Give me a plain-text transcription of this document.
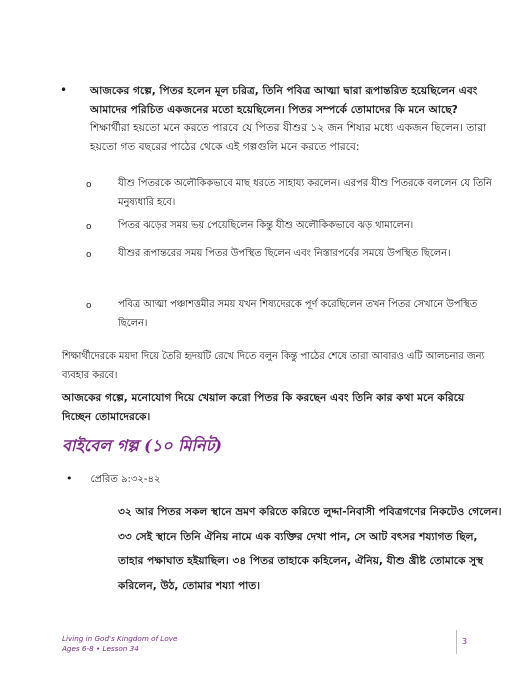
• আজকের গল্পে, পিতর হলেন মূল চরিত্র, তিনি পবিত্র আত্মা দ্বারা রূপান্তরিত হয়েছিলেন এবং আমাদের পরিচিত একজনের মতো হয়েছিলেন। পিতর সম্পর্কে তোমাদের কি মনে আছে? শিক্ষার্থীরা হয়তো মনে করতে পারবে যে পিতর যীশুর ১২ জন শিষ্যর মধ্যে একজন ছিলেন। তারা হয়তো গত বছরের পাঠের থেকে এই গল্পগুলি মনে করতে পারবে:
o	যীশু পিতরকে অলৌকিকভাবে মাছ ধরতে সাহায্য করলেন। এরপর যীশু পিতরকে বললেন যে তিনি মনুষ্যধারি হবে।
o	পিতর ঝড়ের সময় ভয় পেয়েছিলেন কিন্তু যীশু অলৌকিকভাবে ঝড় থামালেন।
o	যীশুর রূপান্তরের সময় পিতর উপস্থিত ছিলেন এবং নিস্তারপর্বের সময়ে উপস্থিত ছিলেন।
o	পবিত্র আত্মা পঞ্চাশত্তমীর সময় যখন শিষ্যদেরকে পূর্ণ করেছিলেন তখন পিতর সেখানে উপস্থিত ছিলেন।
শিক্ষার্থীদেরকে ময়দা দিয়ে তৈরি হৃদয়টি রেখে দিতে বলুন কিন্তু পাঠের শেষে তারা আবারও এটি আলচনার জন্য ব্যবহার করবে।
আজকের গল্পে, মনোযোগ দিয়ে খেয়াল করো পিতর কি করছেন এবং তিনি কার কথা মনে করিয়ে দিচ্ছেন তোমাদেরকে।
বাইবেল গল্প (১০ মিনিট)
• প্রেরিত ৯:৩২-৪২
৩২ আর পিতর সকল স্থানে ভ্রমণ করিতে করিতে লুদ্দা-নিবাসী পবিত্রগণের নিকটেও গেলেন। ৩৩ সেই স্থানে তিনি ঐনিয় নামে এক ব্যক্তির দেখা পান, সে আট বৎসর শয্যাগত ছিল, তাহার পক্ষাঘাত হইয়াছিল। ৩৪ পিতর তাহাকে কহিলেন, ঐনিয়, যীশু খ্রীষ্ট তোমাকে সুস্থ করিলেন, উঠ, তোমার শয্যা পাত।
Living in God's Kingdom of Love
Ages 6-8 • Lesson 34
3
